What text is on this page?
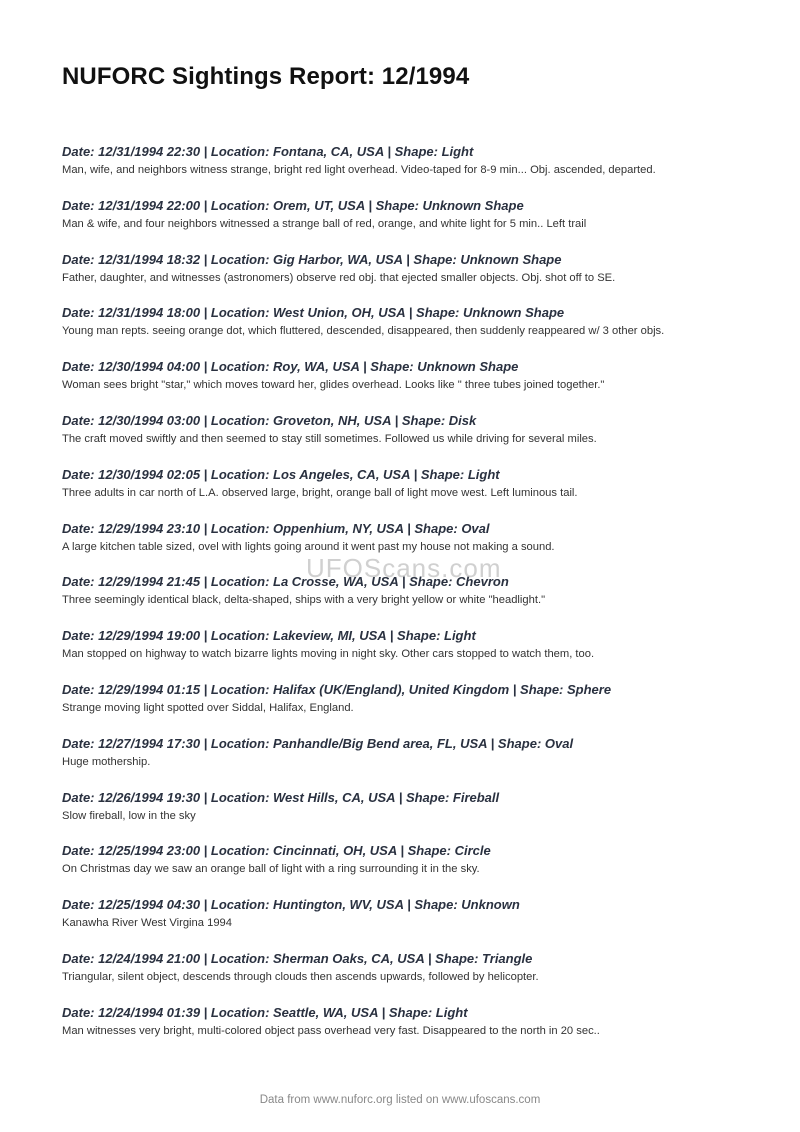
NUFORC Sightings Report: 12/1994
Date: 12/31/1994 22:30 | Location: Fontana, CA, USA | Shape: Light
Man, wife, and neighbors witness strange, bright red light overhead. Video-taped for 8-9 min... Obj. ascended, departed.
Date: 12/31/1994 22:00 | Location: Orem, UT, USA | Shape: Unknown Shape
Man & wife, and four neighbors witnessed a strange ball of red, orange, and white light for 5 min.. Left trail
Date: 12/31/1994 18:32 | Location: Gig Harbor, WA, USA | Shape: Unknown Shape
Father, daughter, and witnesses (astronomers) observe red obj. that ejected smaller objects. Obj. shot off to SE.
Date: 12/31/1994 18:00 | Location: West Union, OH, USA | Shape: Unknown Shape
Young man repts. seeing orange dot, which fluttered, descended, disappeared, then suddenly reappeared w/ 3 other objs.
Date: 12/30/1994 04:00 | Location: Roy, WA, USA | Shape: Unknown Shape
Woman sees bright "star," which moves toward her, glides overhead. Looks like " three tubes joined together."
Date: 12/30/1994 03:00 | Location: Groveton, NH, USA | Shape: Disk
The craft moved swiftly and then seemed to stay still sometimes. Followed us while driving for several miles.
Date: 12/30/1994 02:05 | Location: Los Angeles, CA, USA | Shape: Light
Three adults in car north of L.A. observed large, bright, orange ball of light move west. Left luminous tail.
Date: 12/29/1994 23:10 | Location: Oppenhium, NY, USA | Shape: Oval
A large kitchen table sized, ovel with lights going around it went past my house not making a sound.
Date: 12/29/1994 21:45 | Location: La Crosse, WA, USA | Shape: Chevron
Three seemingly identical black, delta-shaped, ships with a very bright yellow or white "headlight."
Date: 12/29/1994 19:00 | Location: Lakeview, MI, USA | Shape: Light
Man stopped on highway to watch bizarre lights moving in night sky. Other cars stopped to watch them, too.
Date: 12/29/1994 01:15 | Location: Halifax (UK/England), United Kingdom | Shape: Sphere
Strange moving light spotted over Siddal, Halifax, England.
Date: 12/27/1994 17:30 | Location: Panhandle/Big Bend area, FL, USA | Shape: Oval
Huge mothership.
Date: 12/26/1994 19:30 | Location: West Hills, CA, USA | Shape: Fireball
Slow fireball, low in the sky
Date: 12/25/1994 23:00 | Location: Cincinnati, OH, USA | Shape: Circle
On Christmas day we saw an orange ball of light with a ring surrounding it in the sky.
Date: 12/25/1994 04:30 | Location: Huntington, WV, USA | Shape: Unknown
Kanawha River West Virgina 1994
Date: 12/24/1994 21:00 | Location: Sherman Oaks, CA, USA | Shape: Triangle
Triangular, silent object, descends through clouds then ascends upwards, followed by helicopter.
Date: 12/24/1994 01:39 | Location: Seattle, WA, USA | Shape: Light
Man witnesses very bright, multi-colored object pass overhead very fast. Disappeared to the north in 20 sec..
UFOScans.com
Data from www.nuforc.org listed on www.ufoscans.com
